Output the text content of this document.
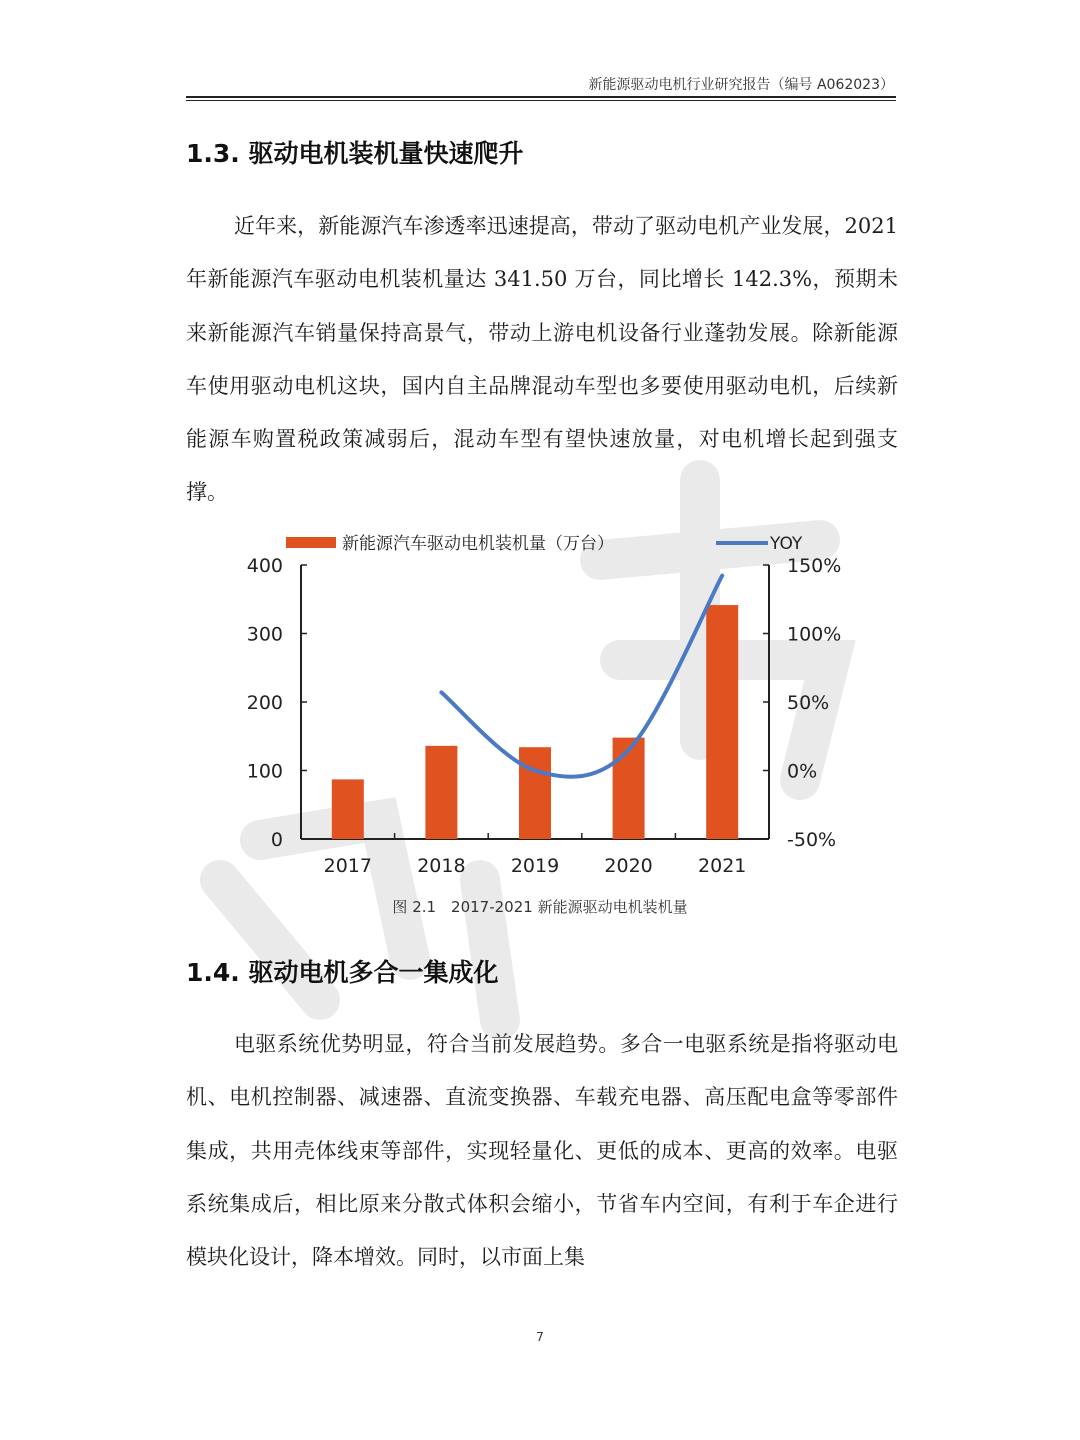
新能源驱动电机行业研究报告（编号 A062023）
1.3. 驱动电机装机量快速爬升

近年来，新能源汽车渗透率迅速提高，带动了驱动电机产业发展，2021 年新能源汽车驱动电机装机量达 341.50 万台，同比增长 142.3%，预期未来新能源汽车销量保持高景气，带动上游电机设备行业蓬勃发展。除新能源车使用驱动电机这块，国内自主品牌混动车型也多要使用驱动电机，后续新能源车购置税政策减弱后，混动车型有望快速放量，对电机增长起到强支撑。

新能源汽车驱动电机装机量（万台）	YOY
0	-50%
100	0%
200	50%
300	100%
400	150%
2017 2018 2019 2020 2021
图 2.1　2017-2021 新能源驱动电机装机量
1.4. 驱动电机多合一集成化

电驱系统优势明显，符合当前发展趋势。多合一电驱系统是指将驱动电机、电机控制器、减速器、直流变换器、车载充电器、高压配电盒等零部件集成，共用壳体线束等部件，实现轻量化、更低的成本、更高的效率。电驱系统集成后，相比原来分散式体积会缩小，节省车内空间，有利于车企进行模块化设计，降本增效。同时，以市面上集

7
